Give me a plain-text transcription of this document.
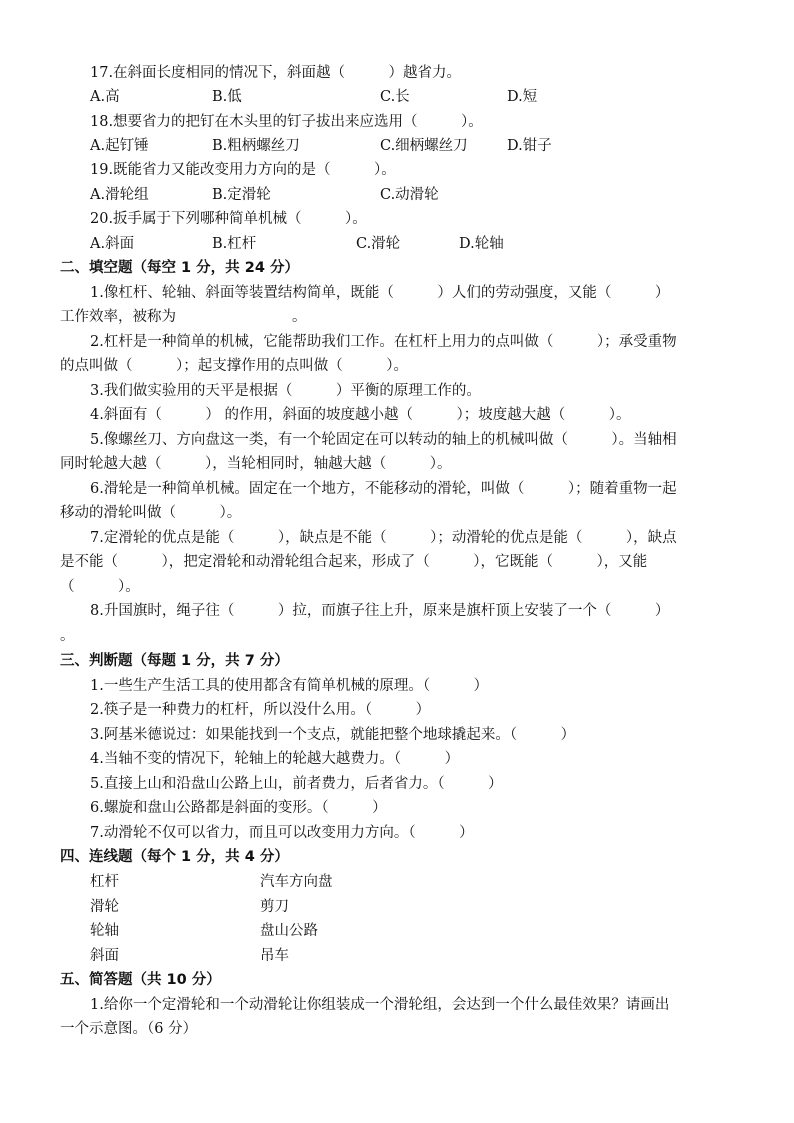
17.在斜面长度相同的情况下，斜面越（　　　）越省力。
A.高	B.低	C.长	D.短
18.想要省力的把钉在木头里的钉子拔出来应选用（　　　）。
A.起钉锤	B.粗柄螺丝刀	C.细柄螺丝刀	D.钳子
19.既能省力又能改变用力方向的是（　　　）。
A.滑轮组	B.定滑轮	C.动滑轮
20.扳手属于下列哪种简单机械（　　　）。
A.斜面	B.杠杆	C.滑轮	D.轮轴
二、填空题（每空 1 分，共 24 分）
1.像杠杆、轮轴、斜面等装置结构简单，既能（　　　）人们的劳动强度，又能（　　　）
工作效率，被称为　　　　　　　　。
2.杠杆是一种简单的机械，它能帮助我们工作。在杠杆上用力的点叫做（　　　）；承受重物
的点叫做（　　　）；起支撑作用的点叫做（　　　）。
3.我们做实验用的天平是根据（　　　）平衡的原理工作的。
4.斜面有（　　　） 的作用，斜面的坡度越小越（　　　）；坡度越大越（　　　）。
5.像螺丝刀、方向盘这一类，有一个轮固定在可以转动的轴上的机械叫做（　　　）。当轴相
同时轮越大越（　　　），当轮相同时，轴越大越（　　　）。
6.滑轮是一种简单机械。固定在一个地方，不能移动的滑轮，叫做（　　　）；随着重物一起
移动的滑轮叫做（　　　）。
7.定滑轮的优点是能（　　　），缺点是不能（　　　）；动滑轮的优点是能（　　　），缺点
是不能（　　　），把定滑轮和动滑轮组合起来，形成了（　　　），它既能（　　　），又能
（　　　）。
8.升国旗时，绳子往（　　　）拉，而旗子往上升，原来是旗杆顶上安装了一个（　　　）
。
三、判断题（每题 1 分，共 7 分）
1.一些生产生活工具的使用都含有简单机械的原理。（　　　）
2.筷子是一种费力的杠杆，所以没什么用。（　　　）
3.阿基米德说过：如果能找到一个支点，就能把整个地球撬起来。（　　　）
4.当轴不变的情况下，轮轴上的轮越大越费力。（　　　）
5.直接上山和沿盘山公路上山，前者费力，后者省力。（　　　）
6.螺旋和盘山公路都是斜面的变形。（　　　）
7.动滑轮不仅可以省力，而且可以改变用力方向。（　　　）
四、连线题（每个 1 分，共 4 分）
杠杆	汽车方向盘
滑轮	剪刀
轮轴	盘山公路
斜面	吊车
五、简答题（共 10 分）
1.给你一个定滑轮和一个动滑轮让你组装成一个滑轮组，会达到一个什么最佳效果？请画出
一个示意图。（6 分）
